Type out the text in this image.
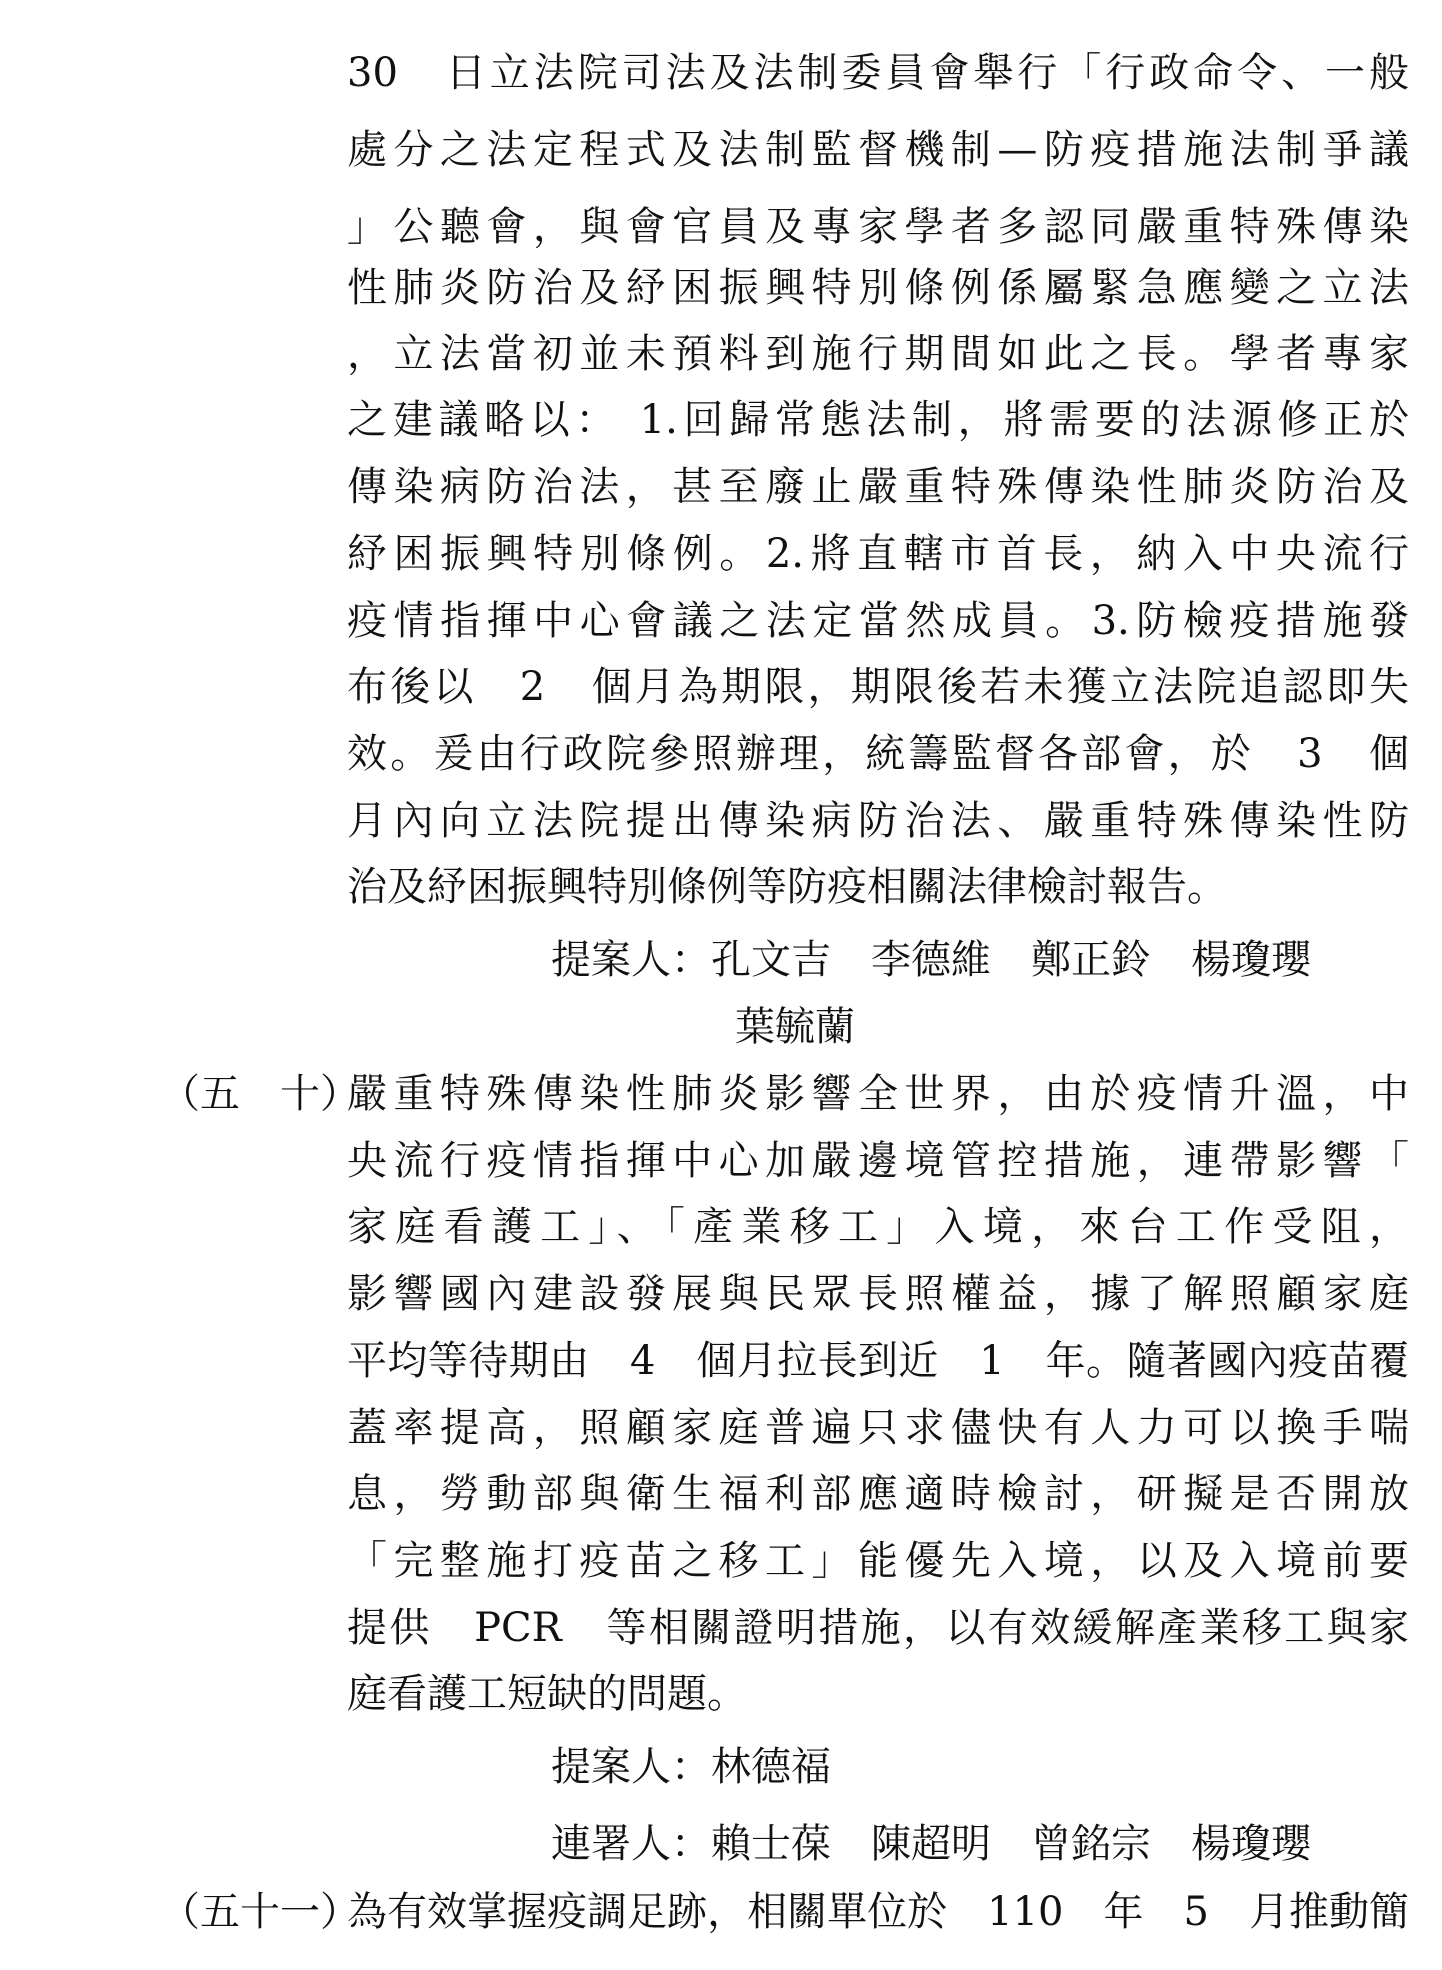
30　日立法院司法及法制委員會舉行「行政命令、一般
處分之法定程式及法制監督機制—防疫措施法制爭議
」公聽會，與會官員及專家學者多認同嚴重特殊傳染
性肺炎防治及紓困振興特別條例係屬緊急應變之立法
，立法當初並未預料到施行期間如此之長。學者專家
之建議略以： 1.回歸常態法制，將需要的法源修正於
傳染病防治法，甚至廢止嚴重特殊傳染性肺炎防治及
紓困振興特別條例。2.將直轄市首長，納入中央流行
疫情指揮中心會議之法定當然成員。3.防檢疫措施發
布後以　2　個月為期限，期限後若未獲立法院追認即失
效。爰由行政院參照辦理，統籌監督各部會，於　3　個
月內向立法院提出傳染病防治法、嚴重特殊傳染性防
治及紓困振興特別條例等防疫相關法律檢討報告。
提案人：孔文吉　李德維　鄭正鈴　楊瓊瓔
葉毓蘭
（五　十）
嚴重特殊傳染性肺炎影響全世界，由於疫情升溫，中
央流行疫情指揮中心加嚴邊境管控措施，連帶影響「
家庭看護工」、「產業移工」入境，來台工作受阻，
影響國內建設發展與民眾長照權益，據了解照顧家庭
平均等待期由　4　個月拉長到近　1　年。隨著國內疫苗覆
蓋率提高，照顧家庭普遍只求儘快有人力可以換手喘
息，勞動部與衛生福利部應適時檢討，研擬是否開放
「完整施打疫苗之移工」能優先入境，以及入境前要
提供　PCR　等相關證明措施，以有效緩解產業移工與家
庭看護工短缺的問題。
提案人：林德福
連署人：賴士葆　陳超明　曾銘宗　楊瓊瓔
（五十一）
為有效掌握疫調足跡，相關單位於　110　年　5　月推動簡
